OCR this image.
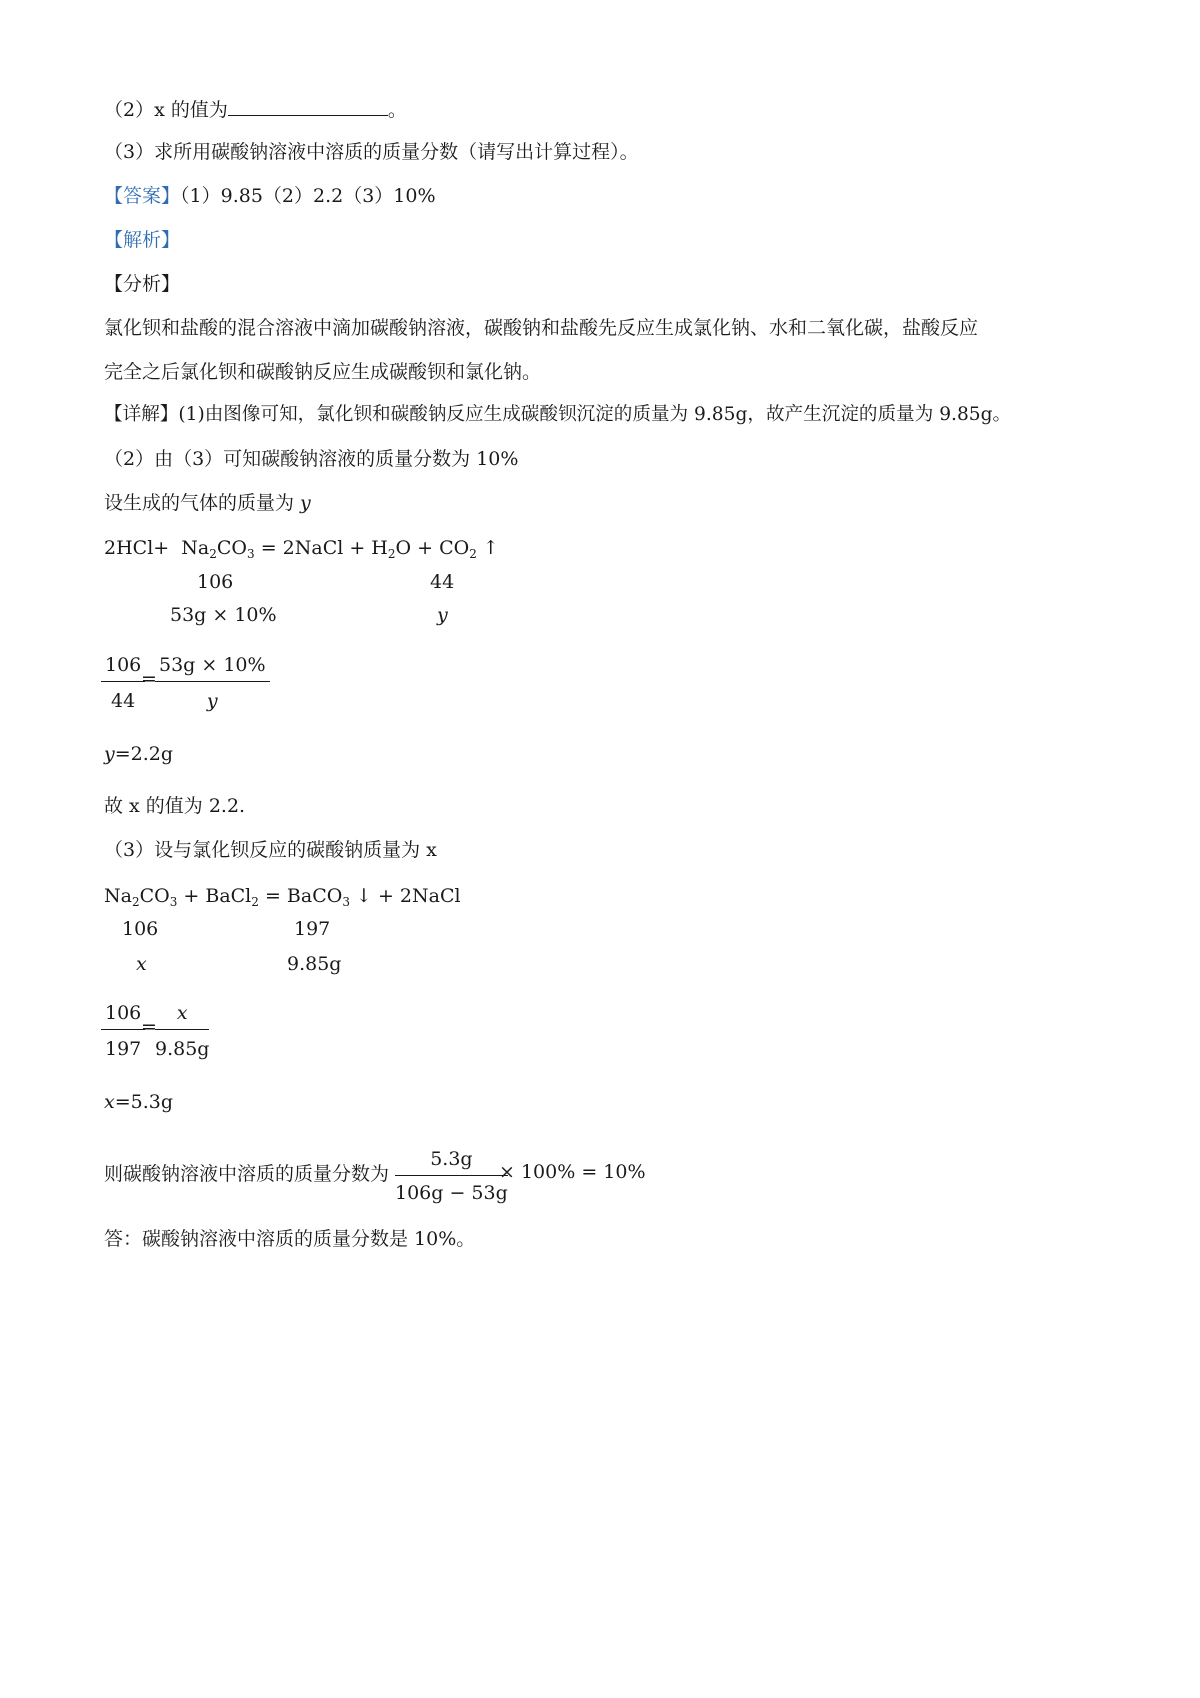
（2）x 的值为	。
（3）求所用碳酸钠溶液中溶质的质量分数（请写出计算过程）。
【答案】（1）9.85（2）2.2（3）10%
【解析】
【分析】
氯化钡和盐酸的混合溶液中滴加碳酸钠溶液，碳酸钠和盐酸先反应生成氯化钠、水和二氧化碳，盐酸反应
完全之后氯化钡和碳酸钠反应生成碳酸钡和氯化钠。
【详解】(1)由图像可知，氯化钡和碳酸钠反应生成碳酸钡沉淀的质量为 9.85g，故产生沉淀的质量为 9.85g。
（2）由（3）可知碳酸钠溶液的质量分数为 10%
设生成的气体的质量为 y
$2HCl+ Na_2CO_3$ = 2NaCl + $H_2O + CO_2$ ↑
106	44
53g × 10%	y
$\frac{106}{44}$
=
$\frac{53g \times 10\%}{y}$
y=2.2g
故 x 的值为 2.2.
（3）设与氯化钡反应的碳酸钠质量为 x
$Na_2CO_3$ + BaCl$_2$ = BaCO$_3$ ↓ + 2NaCl
106	197
x	9.85g
$\frac{106}{197}$
=
$\frac{x}{9.85g}$
x=5.3g
则碳酸钠溶液中溶质的质量分数为 $\frac{5.3g}{106g - 53g}$
× 100% = 10%
答：碳酸钠溶液中溶质的质量分数是 10%。
